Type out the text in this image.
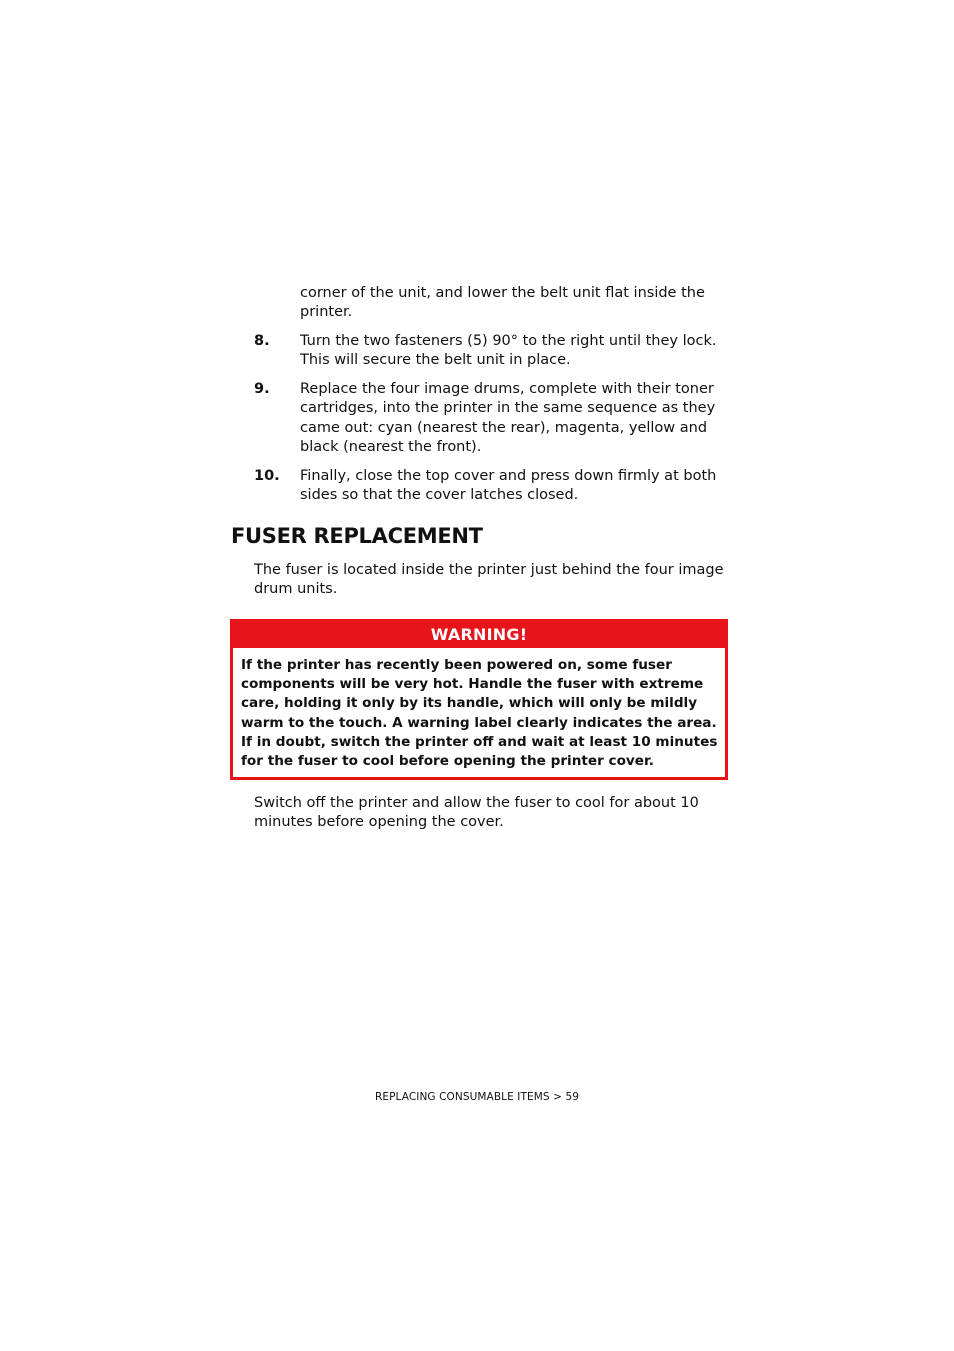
corner of the unit, and lower the belt unit flat inside the printer.
8. Turn the two fasteners (5) 90° to the right until they lock. This will secure the belt unit in place.
9. Replace the four image drums, complete with their toner cartridges, into the printer in the same sequence as they came out: cyan (nearest the rear), magenta, yellow and black (nearest the front).
10. Finally, close the top cover and press down firmly at both sides so that the cover latches closed.
FUSER REPLACEMENT
The fuser is located inside the printer just behind the four image drum units.
WARNING!
If the printer has recently been powered on, some fuser components will be very hot. Handle the fuser with extreme care, holding it only by its handle, which will only be mildly warm to the touch. A warning label clearly indicates the area. If in doubt, switch the printer off and wait at least 10 minutes for the fuser to cool before opening the printer cover.
Switch off the printer and allow the fuser to cool for about 10 minutes before opening the cover.
REPLACING CONSUMABLE ITEMS > 59
